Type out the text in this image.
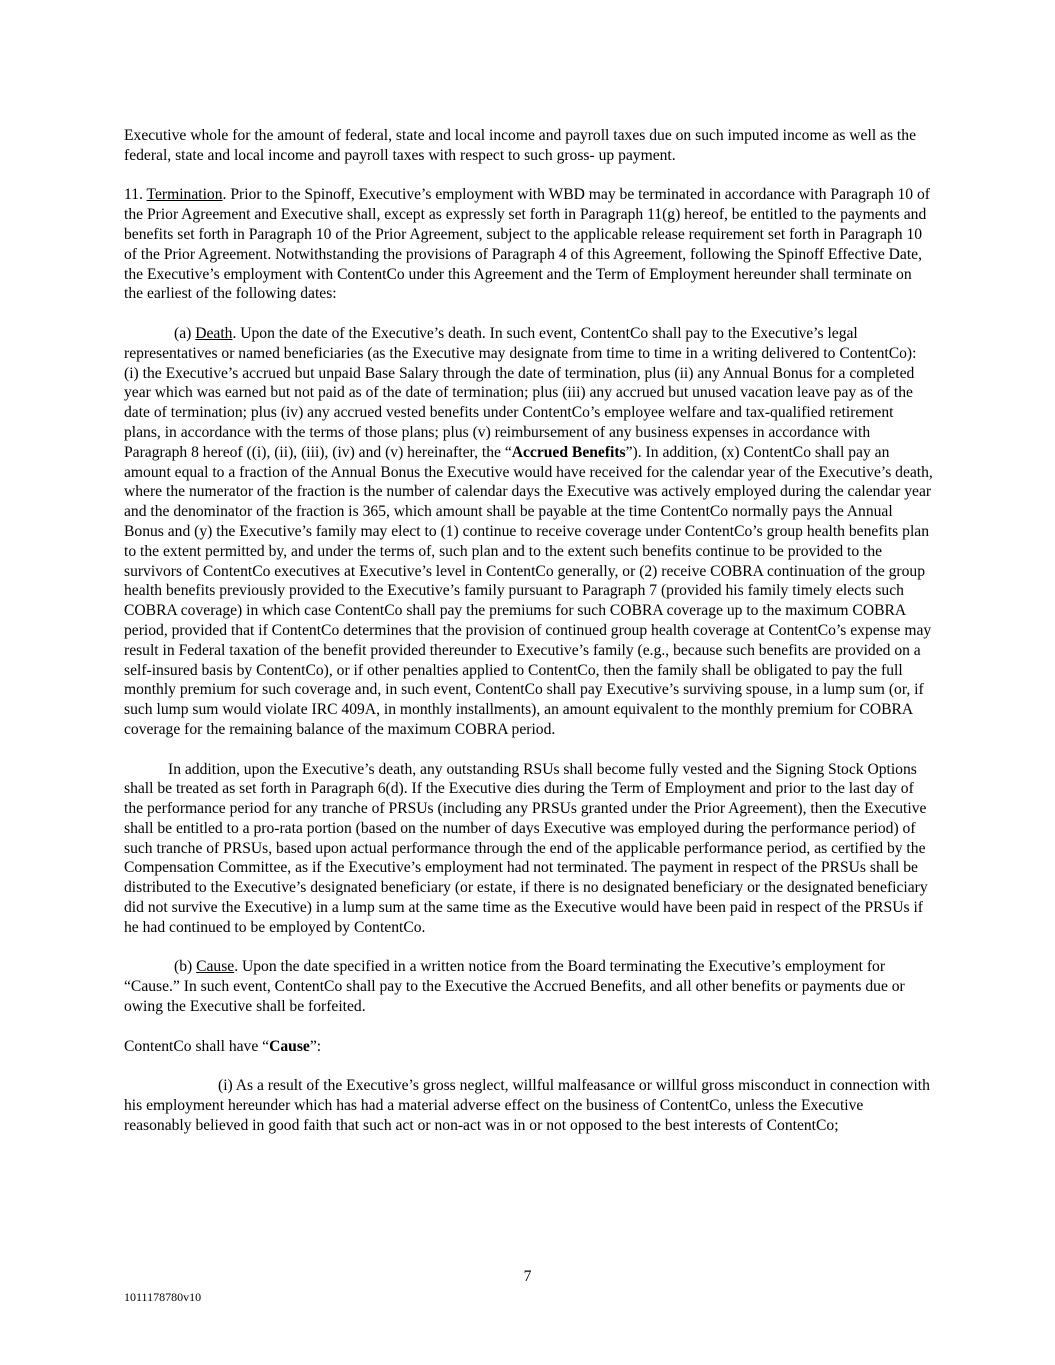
Executive whole for the amount of federal, state and local income and payroll taxes due on such imputed income as well as the federal, state and local income and payroll taxes with respect to such gross- up payment.

11. Termination. Prior to the Spinoff, Executive’s employment with WBD may be terminated in accordance with Paragraph 10 of the Prior Agreement and Executive shall, except as expressly set forth in Paragraph 11(g) hereof, be entitled to the payments and benefits set forth in Paragraph 10 of the Prior Agreement, subject to the applicable release requirement set forth in Paragraph 10 of the Prior Agreement. Notwithstanding the provisions of Paragraph 4 of this Agreement, following the Spinoff Effective Date, the Executive’s employment with ContentCo under this Agreement and the Term of Employment hereunder shall terminate on the earliest of the following dates:

(a) Death. Upon the date of the Executive’s death. In such event, ContentCo shall pay to the Executive’s legal representatives or named beneficiaries (as the Executive may designate from time to time in a writing delivered to ContentCo): (i) the Executive’s accrued but unpaid Base Salary through the date of termination, plus (ii) any Annual Bonus for a completed year which was earned but not paid as of the date of termination; plus (iii) any accrued but unused vacation leave pay as of the date of termination; plus (iv) any accrued vested benefits under ContentCo’s employee welfare and tax-qualified retirement plans, in accordance with the terms of those plans; plus (v) reimbursement of any business expenses in accordance with Paragraph 8 hereof ((i), (ii), (iii), (iv) and (v) hereinafter, the “Accrued Benefits”). In addition, (x) ContentCo shall pay an amount equal to a fraction of the Annual Bonus the Executive would have received for the calendar year of the Executive’s death, where the numerator of the fraction is the number of calendar days the Executive was actively employed during the calendar year and the denominator of the fraction is 365, which amount shall be payable at the time ContentCo normally pays the Annual Bonus and (y) the Executive’s family may elect to (1) continue to receive coverage under ContentCo’s group health benefits plan to the extent permitted by, and under the terms of, such plan and to the extent such benefits continue to be provided to the survivors of ContentCo executives at Executive’s level in ContentCo generally, or (2) receive COBRA continuation of the group health benefits previously provided to the Executive’s family pursuant to Paragraph 7 (provided his family timely elects such COBRA coverage) in which case ContentCo shall pay the premiums for such COBRA coverage up to the maximum COBRA period, provided that if ContentCo determines that the provision of continued group health coverage at ContentCo’s expense may result in Federal taxation of the benefit provided thereunder to Executive’s family (e.g., because such benefits are provided on a self-insured basis by ContentCo), or if other penalties applied to ContentCo, then the family shall be obligated to pay the full monthly premium for such coverage and, in such event, ContentCo shall pay Executive’s surviving spouse, in a lump sum (or, if such lump sum would violate IRC 409A, in monthly installments), an amount equivalent to the monthly premium for COBRA coverage for the remaining balance of the maximum COBRA period.

In addition, upon the Executive’s death, any outstanding RSUs shall become fully vested and the Signing Stock Options shall be treated as set forth in Paragraph 6(d). If the Executive dies during the Term of Employment and prior to the last day of the performance period for any tranche of PRSUs (including any PRSUs granted under the Prior Agreement), then the Executive shall be entitled to a pro-rata portion (based on the number of days Executive was employed during the performance period) of such tranche of PRSUs, based upon actual performance through the end of the applicable performance period, as certified by the Compensation Committee, as if the Executive’s employment had not terminated. The payment in respect of the PRSUs shall be distributed to the Executive’s designated beneficiary (or estate, if there is no designated beneficiary or the designated beneficiary did not survive the Executive) in a lump sum at the same time as the Executive would have been paid in respect of the PRSUs if he had continued to be employed by ContentCo.

(b) Cause. Upon the date specified in a written notice from the Board terminating the Executive’s employment for “Cause.” In such event, ContentCo shall pay to the Executive the Accrued Benefits, and all other benefits or payments due or owing the Executive shall be forfeited.

ContentCo shall have “Cause”:

(i) As a result of the Executive’s gross neglect, willful malfeasance or willful gross misconduct in connection with his employment hereunder which has had a material adverse effect on the business of ContentCo, unless the Executive reasonably believed in good faith that such act or non-act was in or not opposed to the best interests of ContentCo;

7
1011178780v10
